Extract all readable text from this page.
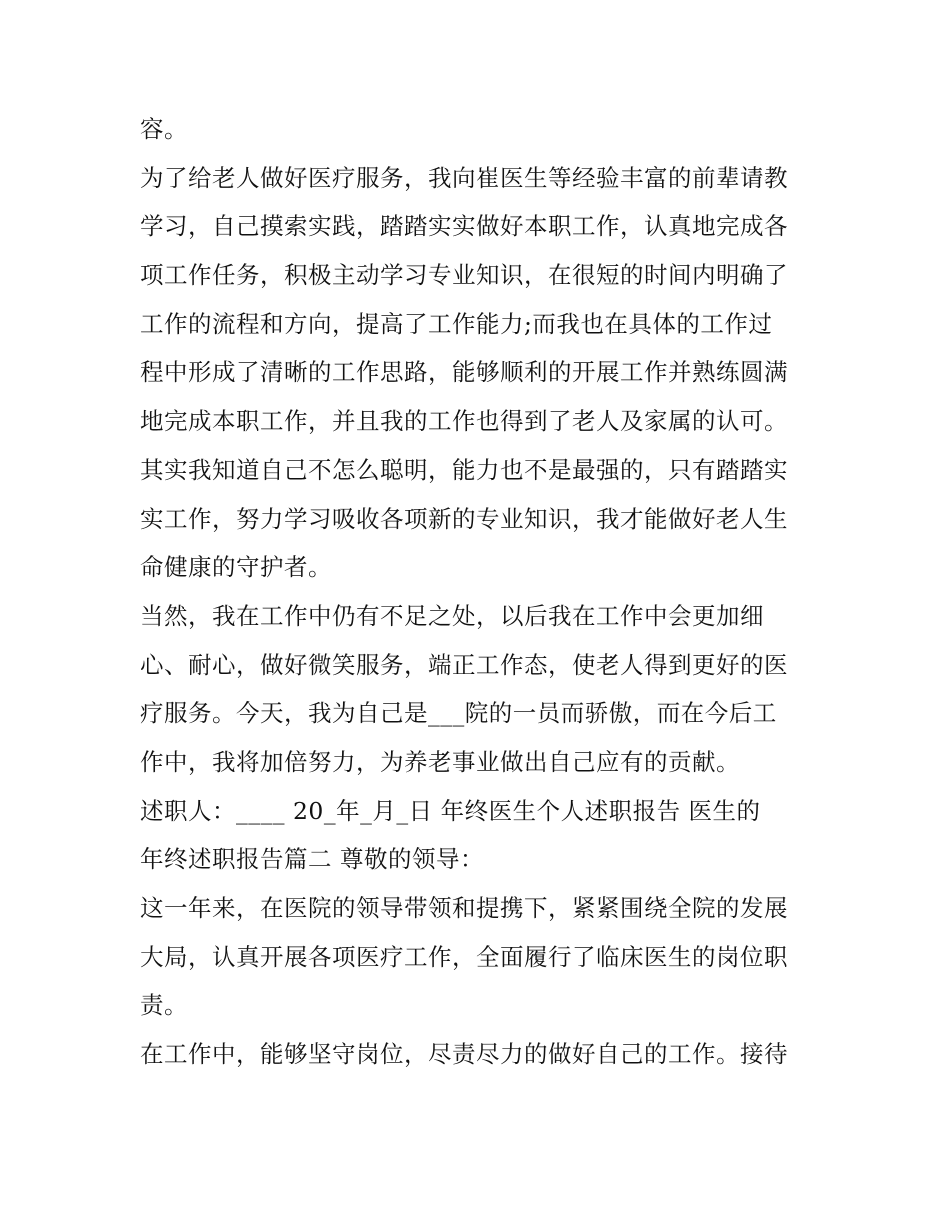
容。
为了给老人做好医疗服务，我向崔医生等经验丰富的前辈请教
学习，自己摸索实践，踏踏实实做好本职工作，认真地完成各
项工作任务，积极主动学习专业知识，在很短的时间内明确了
工作的流程和方向，提高了工作能力;而我也在具体的工作过
程中形成了清晰的工作思路，能够顺利的开展工作并熟练圆满
地完成本职工作，并且我的工作也得到了老人及家属的认可。
其实我知道自己不怎么聪明，能力也不是最强的，只有踏踏实
实工作，努力学习吸收各项新的专业知识，我才能做好老人生
命健康的守护者。
当然，我在工作中仍有不足之处，以后我在工作中会更加细
心、耐心，做好微笑服务，端正工作态，使老人得到更好的医
疗服务。今天，我为自己是___院的一员而骄傲，而在今后工
作中，我将加倍努力，为养老事业做出自己应有的贡献。
述职人：____ 20_年_月_日 年终医生个人述职报告 医生的
年终述职报告篇二 尊敬的领导：
这一年来，在医院的领导带领和提携下，紧紧围绕全院的发展
大局，认真开展各项医疗工作，全面履行了临床医生的岗位职
责。
在工作中，能够坚守岗位，尽责尽力的做好自己的工作。接待
